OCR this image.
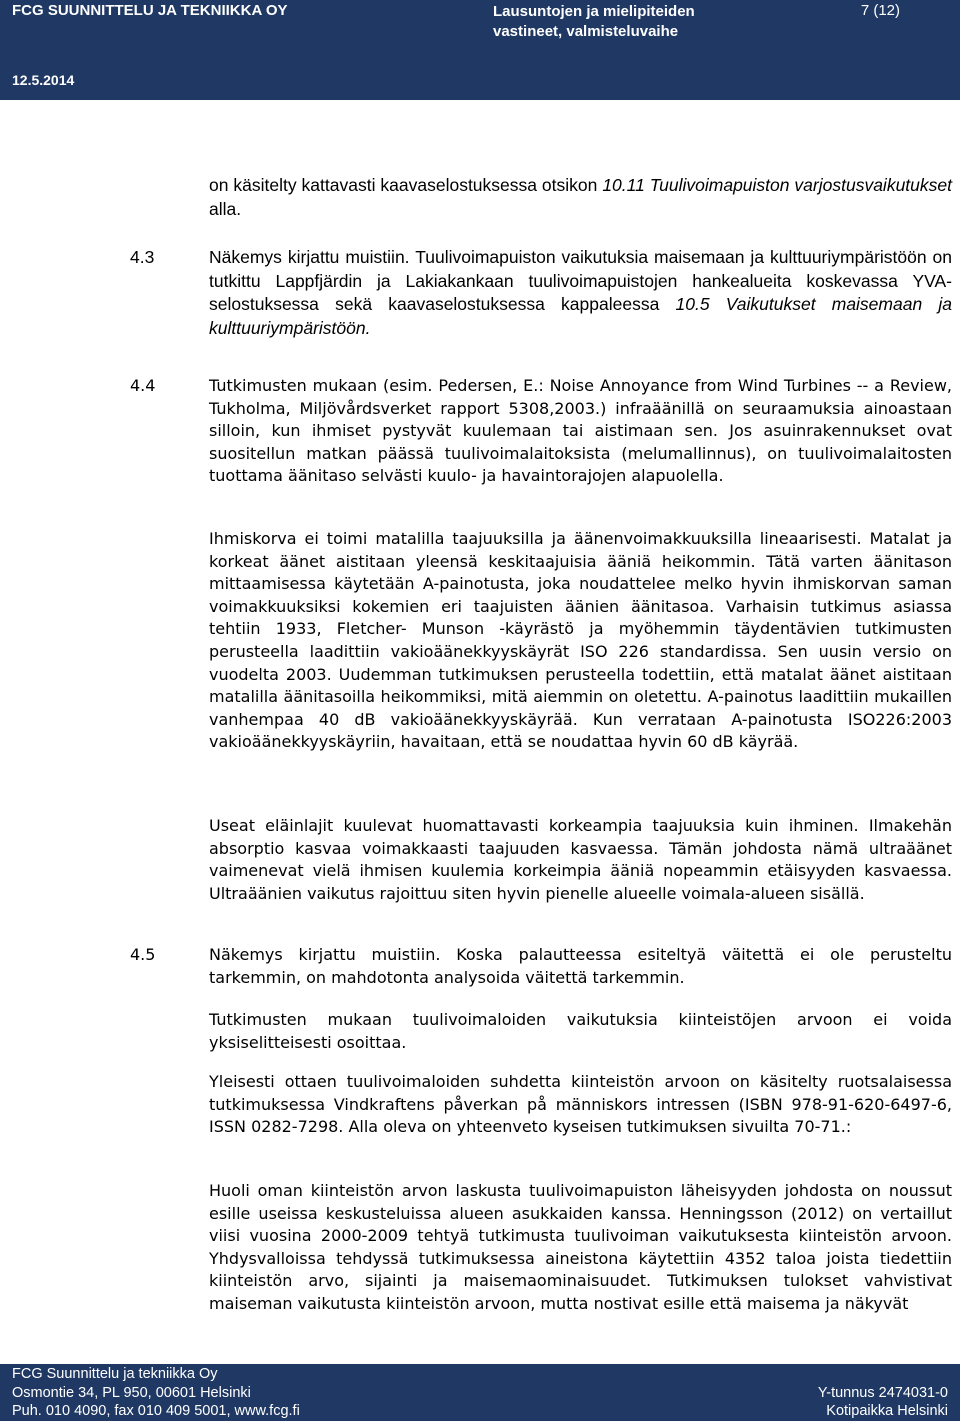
FCG SUUNNITTELU JA TEKNIIKKA OY	Lausuntojen ja mielipiteiden vastineet, valmisteluvaihe
7 (12)
12.5.2014

on käsitelty kattavasti kaavaselostuksessa otsikon 10.11 Tuulivoimapuiston varjostusvaikutukset alla.

4.3	Näkemys kirjattu muistiin. Tuulivoimapuiston vaikutuksia maisemaan ja kulttuuriympäristöön on tutkittu Lappfjärdin ja Lakiakankaan tuulivoimapuistojen hankealueita koskevassa YVA-selostuksessa sekä kaavaselostuksessa kappaleessa 10.5 Vaikutukset maisemaan ja kulttuuriympäristöön.

4.4	Tutkimusten mukaan (esim. Pedersen, E.: Noise Annoyance from Wind Turbines -- a Review, Tukholma, Miljövårdsverket rapport 5308,2003.) infraäänillä on seuraamuksia ainoastaan silloin, kun ihmiset pystyvät kuulemaan tai aistimaan sen. Jos asuinrakennukset ovat suositellun matkan päässä tuulivoimalaitoksista (melumallinnus), on tuulivoimalaitosten tuottama äänitaso selvästi kuulo- ja havaintorajojen alapuolella.

Ihmiskorva ei toimi matalilla taajuuksilla ja äänenvoimakkuuksilla lineaarisesti. Matalat ja korkeat äänet aistitaan yleensä keskitaajuisia ääniä heikommin. Tätä varten äänitason mittaamisessa käytetään A-painotusta, joka noudattelee melko hyvin ihmiskorvan saman voimakkuuksiksi kokemien eri taajuisten äänien äänitasoa. Varhaisin tutkimus asiassa tehtiin 1933, Fletcher- Munson -käyrästö ja myöhemmin täydentävien tutkimusten perusteella laadittiin vakioäänekkyyskäyrät ISO 226 standardissa. Sen uusin versio on vuodelta 2003. Uudemman tutkimuksen perusteella todettiin, että matalat äänet aistitaan matalilla äänitasoilla heikommiksi, mitä aiemmin on oletettu. A-painotus laadittiin mukaillen vanhempaa 40 dB vakioäänekkyyskäyrää. Kun verrataan A-painotusta ISO226:2003 vakioäänekkyyskäyriin, havaitaan, että se noudattaa hyvin 60 dB käyrää.

Useat eläinlajit kuulevat huomattavasti korkeampia taajuuksia kuin ihminen. Ilmakehän absorptio kasvaa voimakkaasti taajuuden kasvaessa. Tämän johdosta nämä ultraäänet vaimenevat vielä ihmisen kuulemia korkeimpia ääniä nopeammin etäisyyden kasvaessa. Ultraäänien vaikutus rajoittuu siten hyvin pienelle alueelle voimala-alueen sisällä.

4.5	Näkemys kirjattu muistiin. Koska palautteessa esiteltyä väitettä ei ole perusteltu tarkemmin, on mahdotonta analysoida väitettä tarkemmin.

Tutkimusten mukaan tuulivoimaloiden vaikutuksia kiinteistöjen arvoon ei voida yksiselitteisesti osoittaa.

Yleisesti ottaen tuulivoimaloiden suhdetta kiinteistön arvoon on käsitelty ruotsalaisessa tutkimuksessa Vindkraftens påverkan på människors intressen (ISBN 978-91-620-6497-6, ISSN 0282-7298. Alla oleva on yhteenveto kyseisen tutkimuksen sivuilta 70-71.:

Huoli oman kiinteistön arvon laskusta tuulivoimapuiston läheisyyden johdosta on noussut esille useissa keskusteluissa alueen asukkaiden kanssa. Henningsson (2012) on vertaillut viisi vuosina 2000-2009 tehtyä tutkimusta tuulivoiman vaikutuksesta kiinteistön arvoon. Yhdysvalloissa tehdyssä tutkimuksessa aineistona käytettiin 4352 taloa joista tiedettiin kiinteistön arvo, sijainti ja maisemaominaisuudet. Tutkimuksen tulokset vahvistivat maiseman vaikutusta kiinteistön arvoon, mutta nostivat esille että maisema ja näkyvät

FCG Suunnittelu ja tekniikka Oy
Osmontie 34, PL 950, 00601 Helsinki
Puh. 010 4090, fax 010 409 5001, www.fcg.fi
Y-tunnus 2474031-0
Kotipaikka Helsinki
